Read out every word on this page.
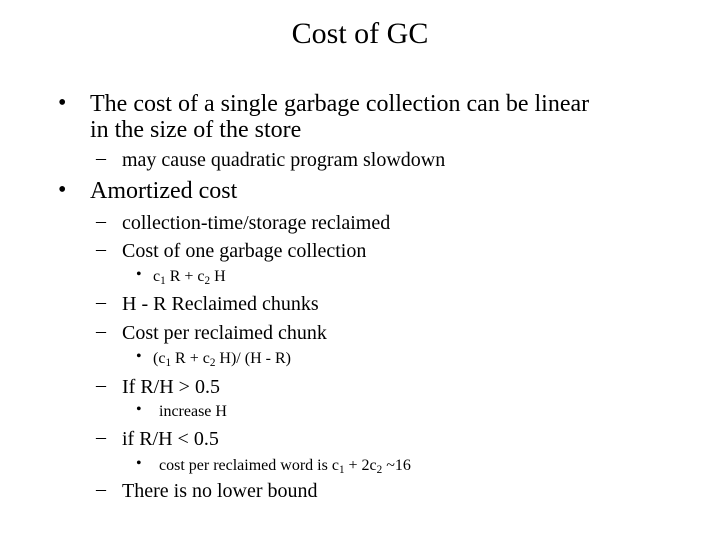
Cost of GC
• The cost of a single garbage collection can be linear
in the size of the store
– may cause quadratic program slowdown
• Amortized cost
– collection-time/storage reclaimed
– Cost of one garbage collection
• $c_1$ $R + c_2$ H
– H - R Reclaimed chunks
– Cost per reclaimed chunk
• ($c_1$ $R + c_2$ H)/ (H - R)
– If R/H > 0.5
• increase H
– if R/H < 0.5
• cost per reclaimed word is $c_1 + 2c_2$ ~16
– There is no lower bound
